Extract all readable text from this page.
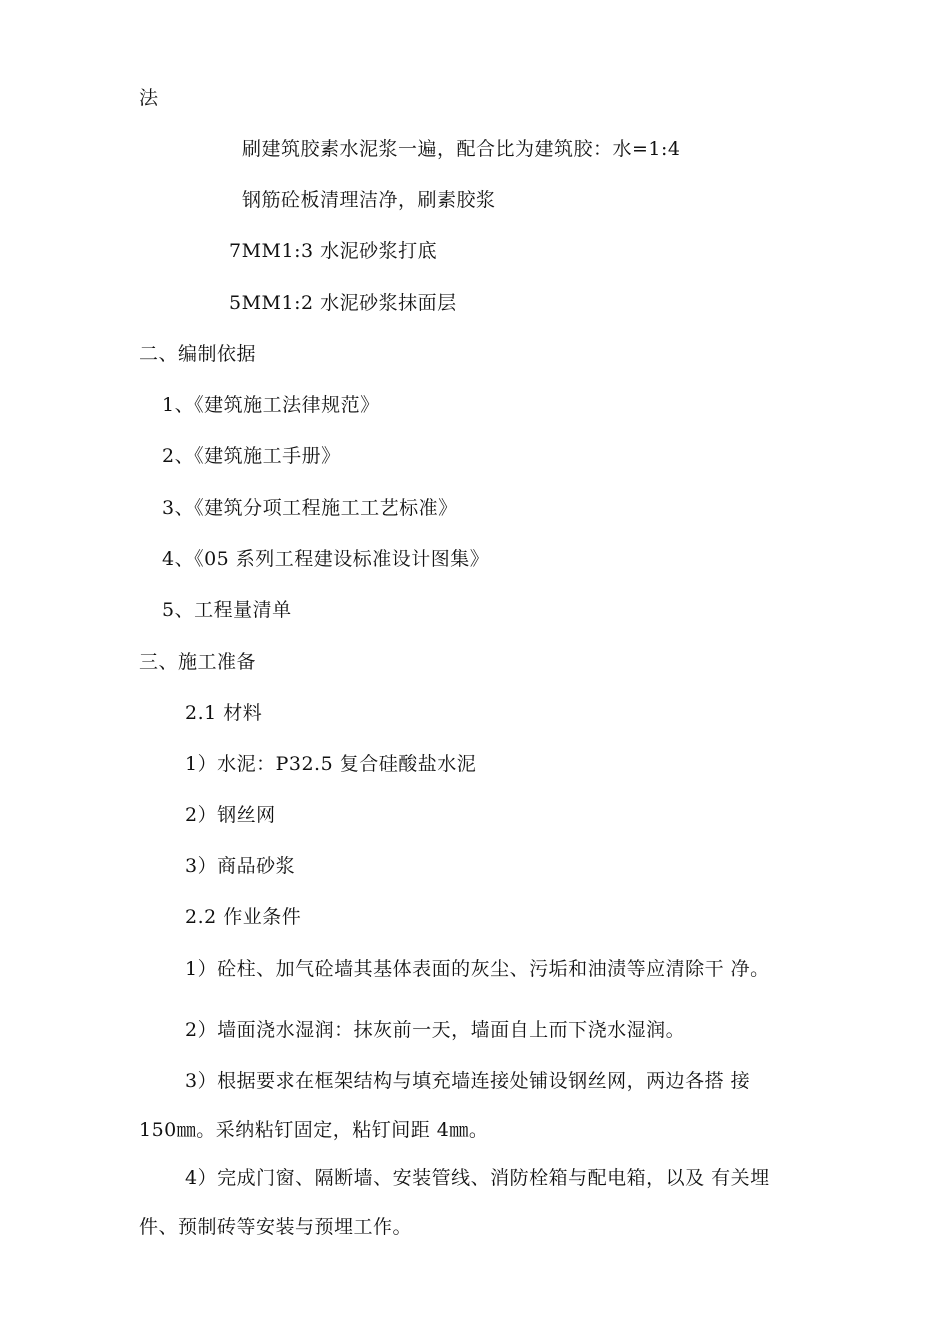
法
刷建筑胶素水泥浆一遍，配合比为建筑胶：水=1:4
钢筋砼板清理洁净，刷素胶浆
7MM1:3 水泥砂浆打底
5MM1:2 水泥砂浆抹面层
二、编制依据
1、《建筑施工法律规范》
2、《建筑施工手册》
3、《建筑分项工程施工工艺标准》
4、《05 系列工程建设标准设计图集》
5、工程量清单
三、施工准备
2.1 材料
1）水泥：P32.5 复合硅酸盐水泥
2）钢丝网
3）商品砂浆
2.2 作业条件
1）砼柱、加气砼墙其基体表面的灰尘、污垢和油渍等应清除干 净。
2）墙面浇水湿润：抹灰前一天，墙面自上而下浇水湿润。
3）根据要求在框架结构与填充墙连接处铺设钢丝网，两边各搭 接
150㎜。采纳粘钉固定，粘钉间距 4㎜。
4）完成门窗、隔断墙、安装管线、消防栓箱与配电箱，以及 有关埋
件、预制砖等安装与预埋工作。
